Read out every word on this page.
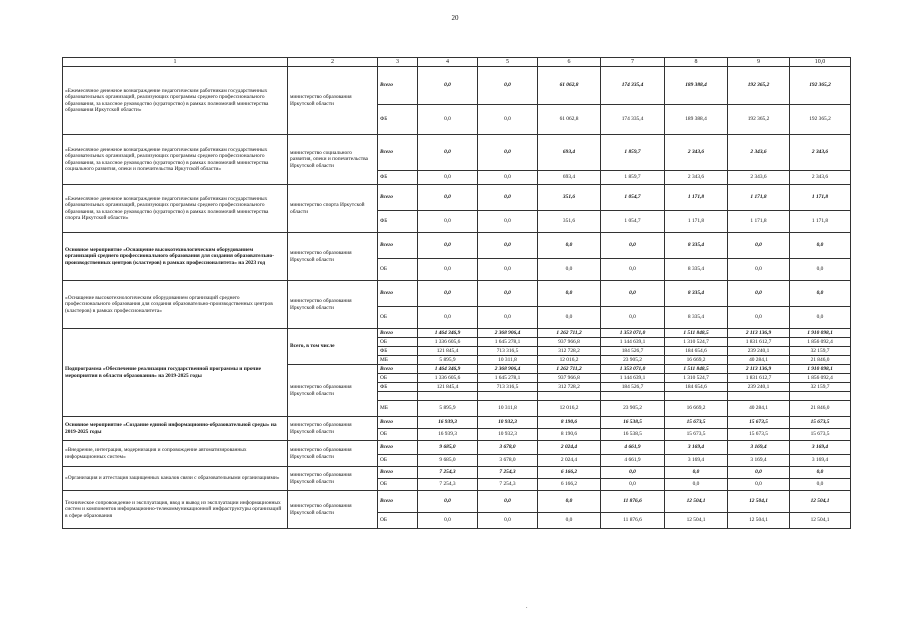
20
1	2	3	4	5	6	7	8	9	10,0
«Ежемесячное денежное вознаграждение педагогическим работникам государственных образовательных организаций, реализующих программы среднего профессионального образования, за классное руководство (кураторство) в рамках полномочий министерства образования Иркутской области»	министерство образования Иркутской области	Всего	0,0	0,0	61 062,8	174 335,4	189 388,4	192 365,2	192 365,2
		ФБ	0,0	0,0	61 062,8	174 335,4	189 388,4	192 365,2	192 365,2
«Ежемесячное денежное вознаграждение педагогическим работникам государственных образовательных организаций, реализующих программы среднего профессионального образования, за классное руководство (кураторство) в рамках полномочий министерства социального развития, опеки и попечительства Иркутской области»	министерство социального развития, опеки и попечительства Иркутской области	Всего	0,0	0,0	693,4	1 859,7	2 343,6	2 343,6	2 343,6
		ФБ	0,0	0,0	693,4	1 859,7	2 343,6	2 343,6	2 343,6
«Ежемесячное денежное вознаграждение педагогическим работникам государственных образовательных организаций, реализующих программы среднего профессионального образования, за классное руководство (кураторство) в рамках полномочий министерства спорта Иркутской области»	министерство спорта Иркутской области	Всего	0,0	0,0	351,6	1 054,7	1 171,8	1 171,8	1 171,8
		ФБ	0,0	0,0	351,6	1 054,7	1 171,8	1 171,8	1 171,8
Основное мероприятие «Оснащение высокотехнологическим оборудованием организаций среднего профессионального образования для создания образовательно-производственных центров (кластеров) в рамках профессионалитета» на 2023 год	министерство образования Иркутской области	Всего	0,0	0,0	0,0	0,0	8 335,4	0,0	0,0
		ОБ	0,0	0,0	0,0	0,0	8 335,4	0,0	0,0
«Оснащение высокотехнологическим оборудованием организаций среднего профессионального образования для создания образовательно-производственных центров (кластеров) в рамках профессионалитета»	министерство образования Иркутской области	Всего	0,0	0,0	0,0	0,0	8 335,4	0,0	0,0
		ОБ	0,0	0,0	0,0	0,0	8 335,4	0,0	0,0
Подпрограмма «Обеспечение реализации государственной программы и прочие мероприятия в области образования» на 2019-2025 годы	Всего, в том числе	Всего	1 464 346,9	2 368 906,4	1 262 711,2	1 353 071,0	1 511 848,5	2 113 136,9	1 910 098,1
		ОБ	1 336 605,6	1 645 278,1	937 966,8	1 144 639,1	1 310 524,7	1 831 612,7	1 856 092,4
		ФБ	121 845,4	713 316,5	312 728,2	184 526,7	184 654,6	239 240,1	32 159,7
		МБ	5 895,9	10 311,8	12 016,2	23 905,2	16 669,2	40 284,1	21 846,0
	министерство образования Иркутской области	Всего	1 464 346,9	2 368 906,4	1 262 711,2	1 353 071,0	1 511 848,5	2 113 136,9	1 910 098,1
		ОБ	1 336 605,6	1 645 278,1	937 966,8	1 144 639,1	1 310 524,7	1 831 612,7	1 856 092,4
		ФБ	121 845,4	713 316,5	312 728,2	184 526,7	184 654,6	239 240,1	32 159,7

		МБ	5 895,9	10 311,8	12 016,2	23 905,2	16 669,2	40 284,1	21 846,0
Основное мероприятие «Создание единой информационно-образовательной среды» на 2019-2025 годы	министерство образования Иркутской области	Всего	16 939,3	10 932,3	8 190,6	16 538,5	15 673,5	15 673,5	15 673,5
		ОБ	16 939,3	10 932,3	8 190,6	16 538,5	15 673,5	15 673,5	15 673,5
«Внедрение, интеграция, модернизация и сопровождение автоматизированных информационных систем»	министерство образования Иркутской области	Всего	9 685,0	3 678,0	2 024,4	4 661,9	3 169,4	3 169,4	3 169,4
		ОБ	9 685,0	3 678,0	2 024,4	4 661,9	3 169,4	3 169,4	3 169,4
«Организация и аттестация защищенных каналов связи с образовательными организациями»	министерство образования Иркутской области	Всего	7 254,3	7 254,3	6 166,2	0,0	0,0	0,0	0,0
		ОБ	7 254,3	7 254,3	6 166,2	0,0	0,0	0,0	0,0
Техническое сопровождение и эксплуатация, ввод и вывод из эксплуатации информационных систем и компонентов информационно-телекоммуникационной инфраструктуры организаций в сфере образования	министерство образования Иркутской области	Всего	0,0	0,0	0,0	11 876,6	12 504,1	12 504,1	12 504,1
		ОБ	0,0	0,0	0,0	11 876,6	12 504,1	12 504,1	12 504,1
.
